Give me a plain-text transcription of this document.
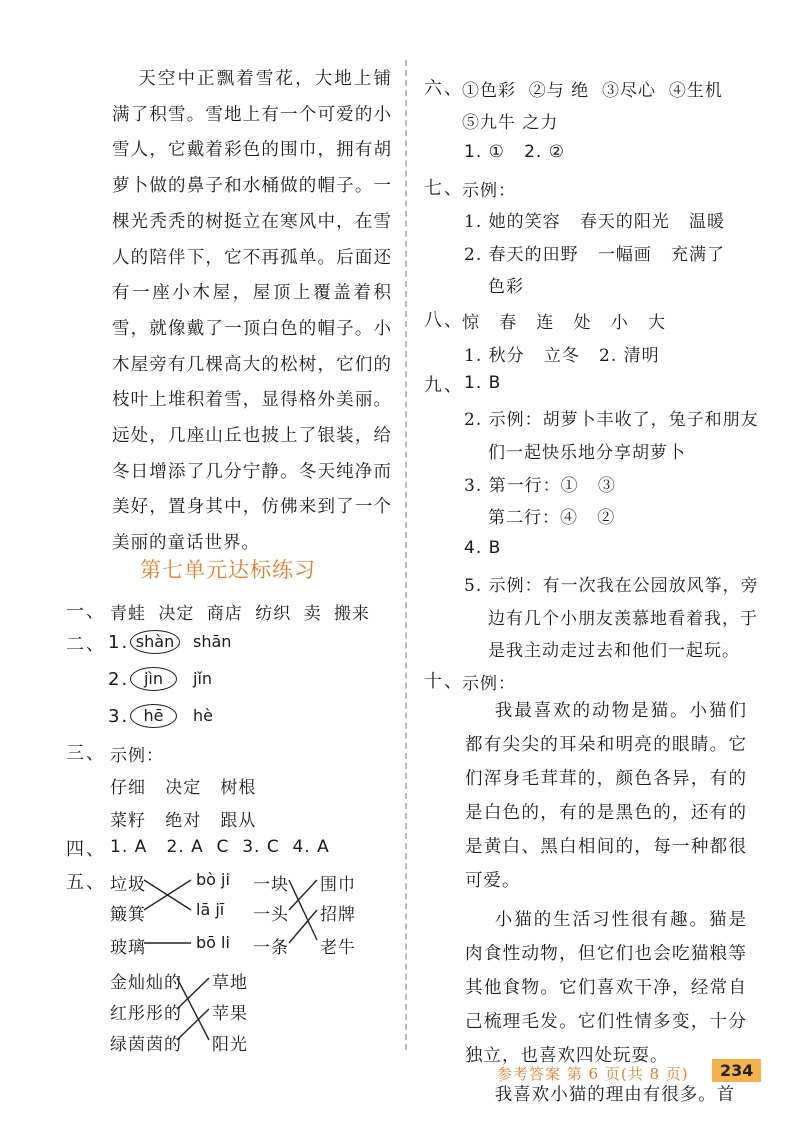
天空中正飘着雪花，大地上铺满了积雪。雪地上有一个可爱的小雪人，它戴着彩色的围巾，拥有胡萝卜做的鼻子和水桶做的帽子。一棵光秃秃的树挺立在寒风中，在雪人的陪伴下，它不再孤单。后面还有一座小木屋，屋顶上覆盖着积雪，就像戴了一顶白色的帽子。小木屋旁有几棵高大的松树，它们的枝叶上堆积着雪，显得格外美丽。远处，几座山丘也披上了银装，给冬日增添了几分宁静。冬天纯净而美好，置身其中，仿佛来到了一个美丽的童话世界。

第七单元达标练习
一、 青蛙 决定 商店 纺织 卖 搬来
二、 1. shàn	shān
2. jìn	jǐn
3. hē	hè
三、 示例：
仔细   决定   树根
菜籽   绝对   跟从
四、 1. A   2. A  C  3. C  4. A
五、 垃圾
簸箕
玻璃
bò ji
lā jī
bō li
一块
一头
一条
围巾
招牌
老牛
金灿灿的
红彤彤的
绿茵茵的
草地
苹果
阳光
六、
①色彩  ②与 绝  ③尽心  ④生机
⑤九牛 之力
1. ①   2. ②
七、
示例：
1. 她的笑容   春天的阳光   温暖
2. 春天的田野   一幅画   充满了
色彩
八、
惊   春   连   处   小   大
1. 秋分   立冬   2. 清明
九、 1. B
2. 示例：胡萝卜丰收了，兔子和朋友
们一起快乐地分享胡萝卜
3. 第一行：①   ③
第二行：④   ②
4. B
5. 示例：有一次我在公园放风筝，旁
边有几个小朋友羡慕地看着我，于
是我主动走过去和他们一起玩。
十、
示例：

我最喜欢的动物是猫。小猫们都有尖尖的耳朵和明亮的眼睛。它们浑身毛茸茸的，颜色各异，有的是白色的，有的是黑色的，还有的是黄白、黑白相间的，每一种都很可爱。

小猫的生活习性很有趣。猫是肉食性动物，但它们也会吃猫粮等其他食物。它们喜欢干净，经常自己梳理毛发。它们性情多变，十分独立，也喜欢四处玩耍。

我喜欢小猫的理由有很多。首

参考答案 第 6 页(共 8 页)	234
